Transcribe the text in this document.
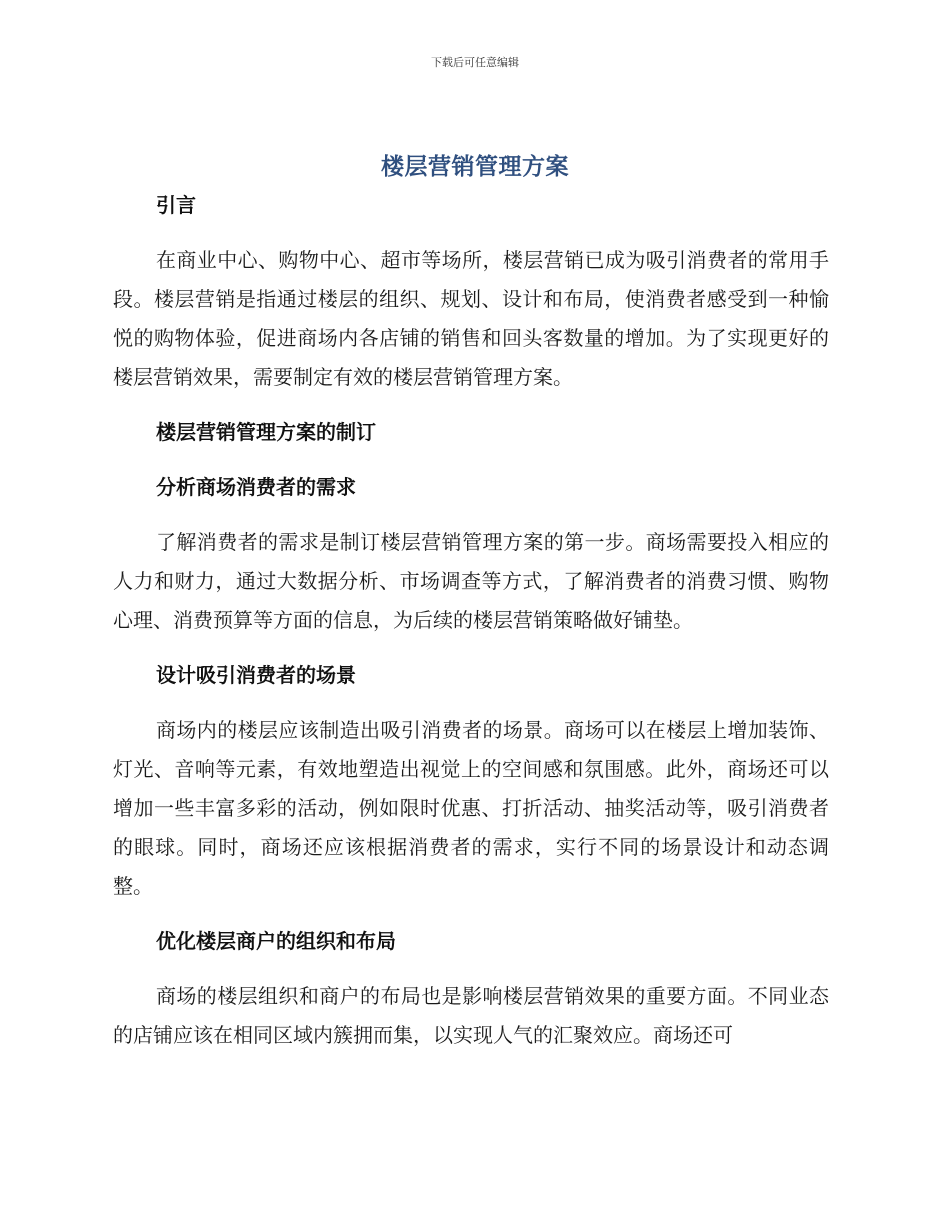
下载后可任意编辑
楼层营销管理方案

引言

在商业中心、购物中心、超市等场所，楼层营销已成为吸引消费者的常用手段。楼层营销是指通过楼层的组织、规划、设计和布局，使消费者感受到一种愉悦的购物体验，促进商场内各店铺的销售和回头客数量的增加。为了实现更好的楼层营销效果，需要制定有效的楼层营销管理方案。

楼层营销管理方案的制订

分析商场消费者的需求

了解消费者的需求是制订楼层营销管理方案的第一步。商场需要投入相应的人力和财力，通过大数据分析、市场调查等方式，了解消费者的消费习惯、购物心理、消费预算等方面的信息，为后续的楼层营销策略做好铺垫。

设计吸引消费者的场景

商场内的楼层应该制造出吸引消费者的场景。商场可以在楼层上增加装饰、灯光、音响等元素，有效地塑造出视觉上的空间感和氛围感。此外，商场还可以增加一些丰富多彩的活动，例如限时优惠、打折活动、抽奖活动等，吸引消费者的眼球。同时，商场还应该根据消费者的需求，实行不同的场景设计和动态调整。

优化楼层商户的组织和布局

商场的楼层组织和商户的布局也是影响楼层营销效果的重要方面。不同业态的店铺应该在相同区域内簇拥而集，以实现人气的汇聚效应。商场还可
